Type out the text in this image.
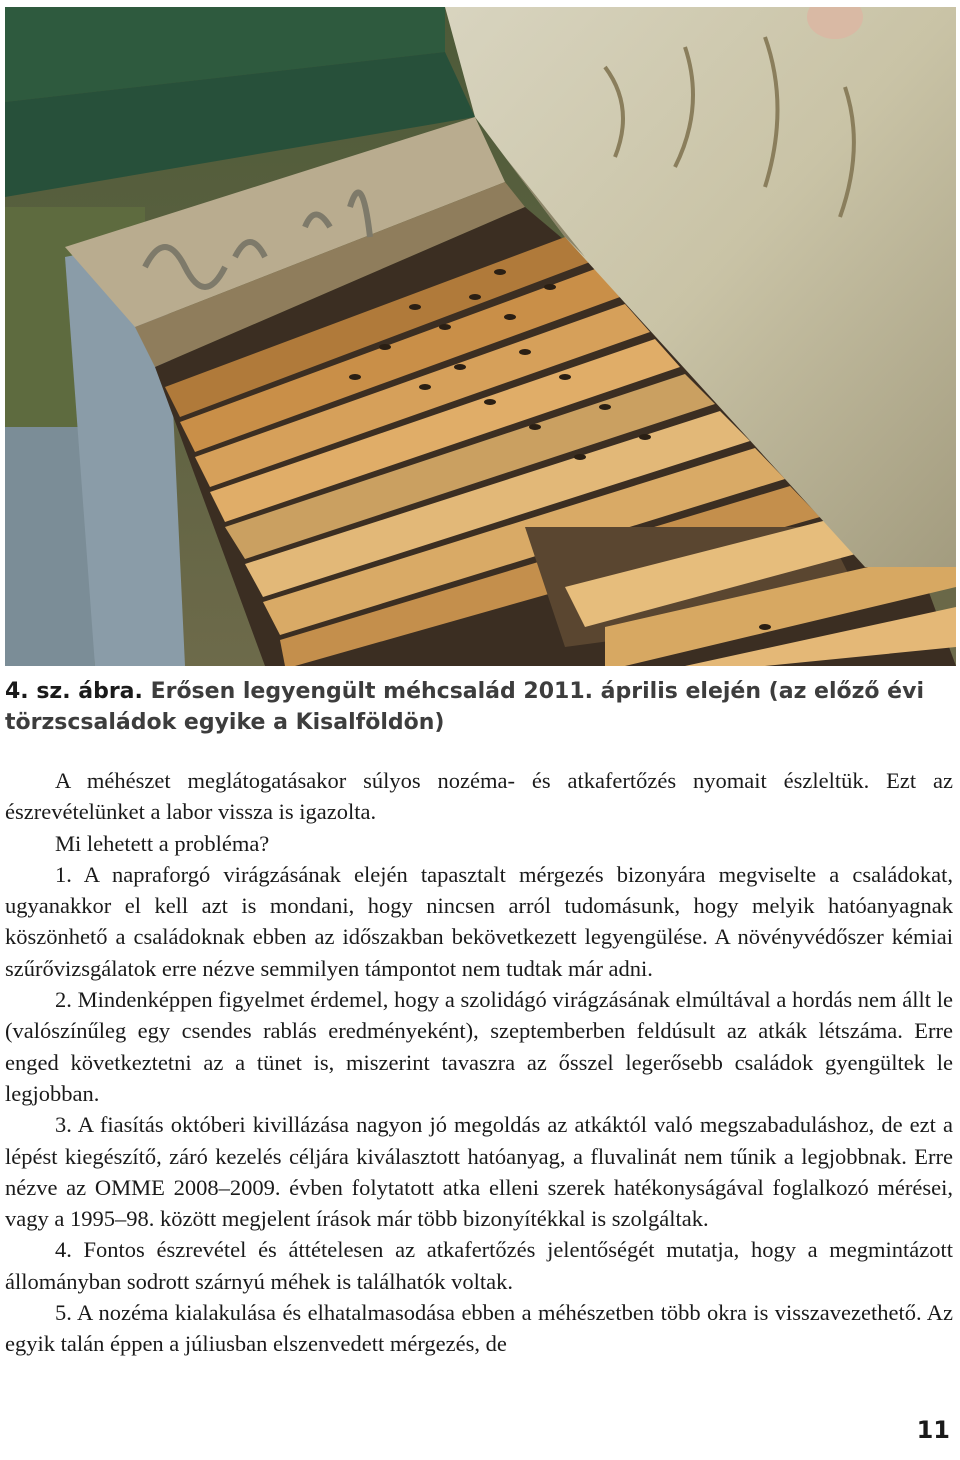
4. sz. ábra. Erősen legyengült méhcsalád 2011. április elején (az előző évi törzscsaládok egyike a Kisalföldön)

A méhészet meglátogatásakor súlyos nozéma- és atkafertőzés nyomait észleltük. Ezt az észrevételünket a labor vissza is igazolta.

Mi lehetett a probléma?

1. A napraforgó virágzásának elején tapasztalt mérgezés bizonyára megviselte a családokat, ugyanakkor el kell azt is mondani, hogy nincsen arról tudomásunk, hogy melyik hatóanyagnak köszönhető a családoknak ebben az időszakban bekövetkezett legyengülése. A növényvédőszer kémiai szűrővizsgálatok erre nézve semmilyen támpontot nem tudtak már adni.

2. Mindenképpen figyelmet érdemel, hogy a szolidágó virágzásának elmúltával a hordás nem állt le (valószínűleg egy csendes rablás eredményeként), szeptemberben feldúsult az atkák létszáma. Erre enged következtetni az a tünet is, miszerint tavaszra az ősszel legerősebb családok gyengültek le legjobban.

3. A fiasítás októberi kivillázása nagyon jó megoldás az atkáktól való megszabaduláshoz, de ezt a lépést kiegészítő, záró kezelés céljára kiválasztott hatóanyag, a fluvalinát nem tűnik a legjobbnak. Erre nézve az OMME 2008–2009. évben folytatott atka elleni szerek hatékonyságával foglalkozó mérései, vagy a 1995–98. között megjelent írások már több bizonyítékkal is szolgáltak.

4. Fontos észrevétel és áttételesen az atkafertőzés jelentőségét mutatja, hogy a megmintázott állományban sodrott szárnyú méhek is találhatók voltak.

5. A nozéma kialakulása és elhatalmasodása ebben a méhészetben több okra is visszavezethető. Az egyik talán éppen a júliusban elszenvedett mérgezés, de

11
